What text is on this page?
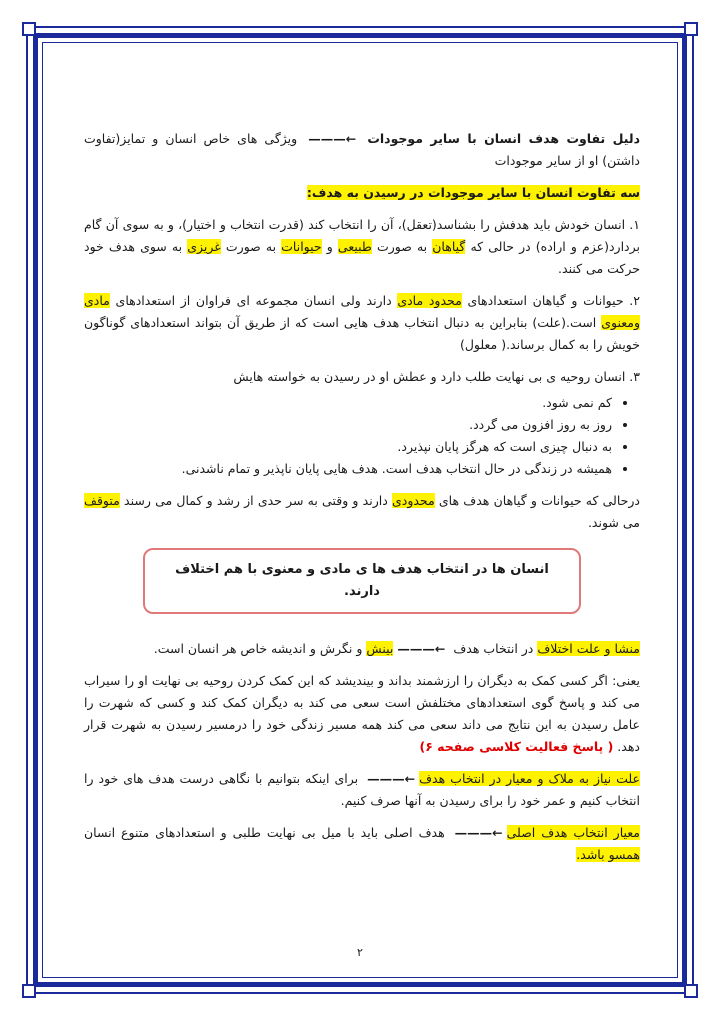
دلیل تفاوت هدف انسان با سایر موجودات ←——— ویژگی های خاص انسان و تمایز(تفاوت داشتن) او از سایر موجودات

سه تفاوت انسان با سایر موجودات در رسیدن به هدف:

۱. انسان خودش باید هدفش را بشناسد(تعقل)، آن را انتخاب کند (قدرت انتخاب و اختیار)، و به سوی آن گام بردارد(عزم و اراده) در حالی که گیاهان به صورت طبیعی و حیوانات به صورت غریزی به سوی هدف خود حرکت می کنند.

۲. حیوانات و گیاهان استعدادهای محدود مادی دارند ولی انسان مجموعه ای فراوان از استعدادهای مادی ومعنوی است.(علت) بنابراین به دنبال انتخاب هدف هایی است که از طریق آن بتواند استعدادهای گوناگون خویش را به کمال برساند.( معلول)

۳. انسان روحیه ی بی نهایت طلب دارد و عطش او در رسیدن به خواسته هایش

• کم نمی شود.
• روز به روز افزون می گردد.
• به دنبال چیزی است که هرگز پایان نپذیرد.
• همیشه در زندگی در حال انتخاب هدف است. هدف هایی پایان ناپذیر و تمام ناشدنی.

درحالی که حیوانات و گیاهان هدف های محدودی دارند و وقتی به سر حدی از رشد و کمال می رسند متوقف می شوند.

انسان ها در انتخاب هدف ها ی مادی و معنوی با هم اختلاف دارند.

منشا و علت اختلاف در انتخاب هدف ←———بینش و نگرش و اندیشه خاص هر انسان است.

یعنی: اگر کسی کمک به دیگران را ارزشمند بداند و بیندیشد که این کمک کردن روحیه بی نهایت او را سیراب می کند و پاسخ گوی استعدادهای مختلفش است سعی می کند به دیگران کمک کند و کسی که شهرت را عامل رسیدن به این نتایج می داند سعی می کند همه مسیر زندگی خود را درمسیر رسیدن به شهرت قرار دهد. ( پاسخ فعالیت کلاسی صفحه ۶)

علت نیاز به ملاک و معیار در انتخاب هدف←——— برای اینکه بتوانیم با نگاهی درست هدف های خود را انتخاب کنیم و عمر خود را برای رسیدن به آنها صرف کنیم.

معیار انتخاب هدف اصلی←——— هدف اصلی باید با میل بی نهایت طلبی و استعدادهای متنوع انسان همسو باشد.

۲
